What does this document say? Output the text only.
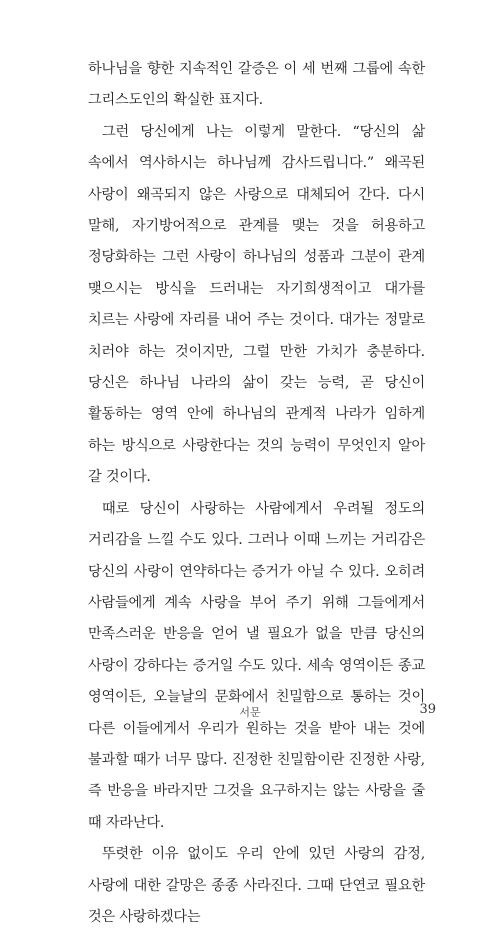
하나님을 향한 지속적인 갈증은 이 세 번째 그룹에 속한 그리스도인의 확실한 표지다.

그런 당신에게 나는 이렇게 말한다. “당신의 삶 속에서 역사하시는 하나님께 감사드립니다.” 왜곡된 사랑이 왜곡되지 않은 사랑으로 대체되어 간다. 다시 말해, 자기방어적으로 관계를 맺는 것을 허용하고 정당화하는 그런 사랑이 하나님의 성품과 그분이 관계 맺으시는 방식을 드러내는 자기희생적이고 대가를 치르는 사랑에 자리를 내어 주는 것이다. 대가는 정말로 치러야 하는 것이지만, 그럴 만한 가치가 충분하다. 당신은 하나님 나라의 삶이 갖는 능력, 곧 당신이 활동하는 영역 안에 하나님의 관계적 나라가 임하게 하는 방식으로 사랑한다는 것의 능력이 무엇인지 알아 갈 것이다.

때로 당신이 사랑하는 사람에게서 우려될 정도의 거리감을 느낄 수도 있다. 그러나 이때 느끼는 거리감은 당신의 사랑이 연약하다는 증거가 아닐 수 있다. 오히려 사람들에게 계속 사랑을 부어 주기 위해 그들에게서 만족스러운 반응을 얻어 낼 필요가 없을 만큼 당신의 사랑이 강하다는 증거일 수도 있다. 세속 영역이든 종교 영역이든, 오늘날의 문화에서 친밀함으로 통하는 것이 다른 이들에게서 우리가 원하는 것을 받아 내는 것에 불과할 때가 너무 많다. 진정한 친밀함이란 진정한 사랑, 즉 반응을 바라지만 그것을 요구하지는 않는 사랑을 줄 때 자라난다.

뚜렷한 이유 없이도 우리 안에 있던 사랑의 감정, 사랑에 대한 갈망은 종종 사라진다. 그때 단연코 필요한 것은 사랑하겠다는

서문	39
